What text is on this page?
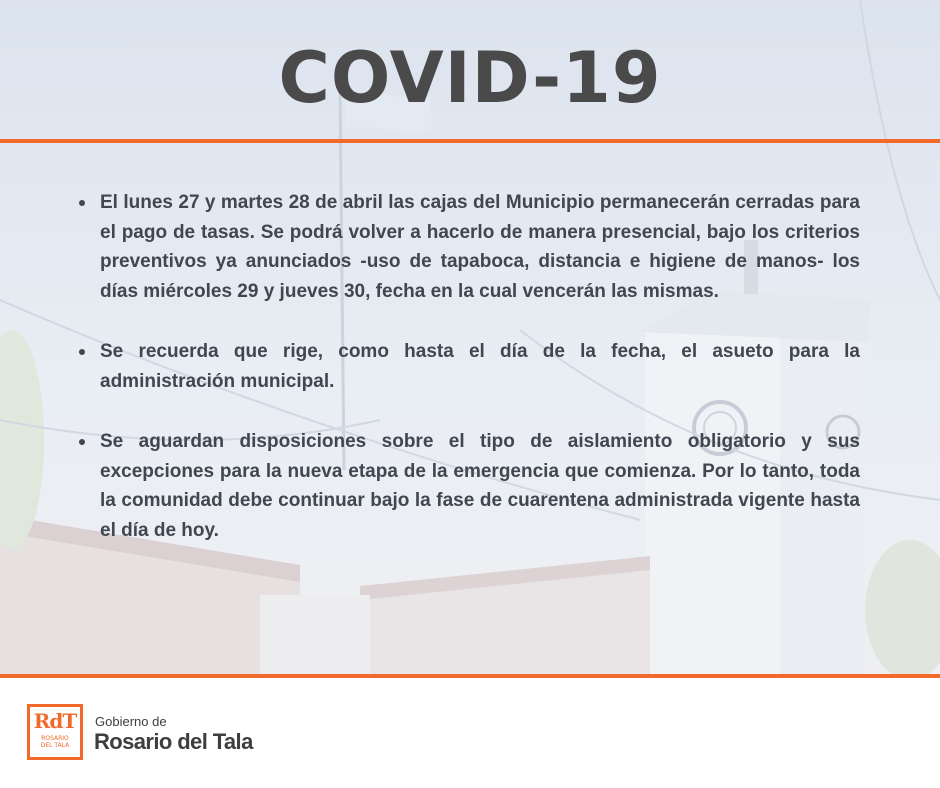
COVID-19
El lunes 27 y martes 28 de abril las cajas del Municipio permanecerán cerradas para el pago de tasas. Se podrá volver a hacerlo de manera presencial, bajo los criterios preventivos ya anunciados -uso de tapaboca, distancia e higiene de manos- los días miércoles 29 y jueves 30, fecha en la cual vencerán las mismas.
Se recuerda que rige, como hasta el día de la fecha, el asueto para la administración municipal.
Se aguardan disposiciones sobre el tipo de aislamiento obligatorio y sus excepciones para la nueva etapa de la emergencia que comienza. Por lo tanto, toda la comunidad debe continuar bajo la fase de cuarentena administrada vigente hasta el día de hoy.
RdT
ROSARIO
DEL TALA
Gobierno de
Rosario del Tala
